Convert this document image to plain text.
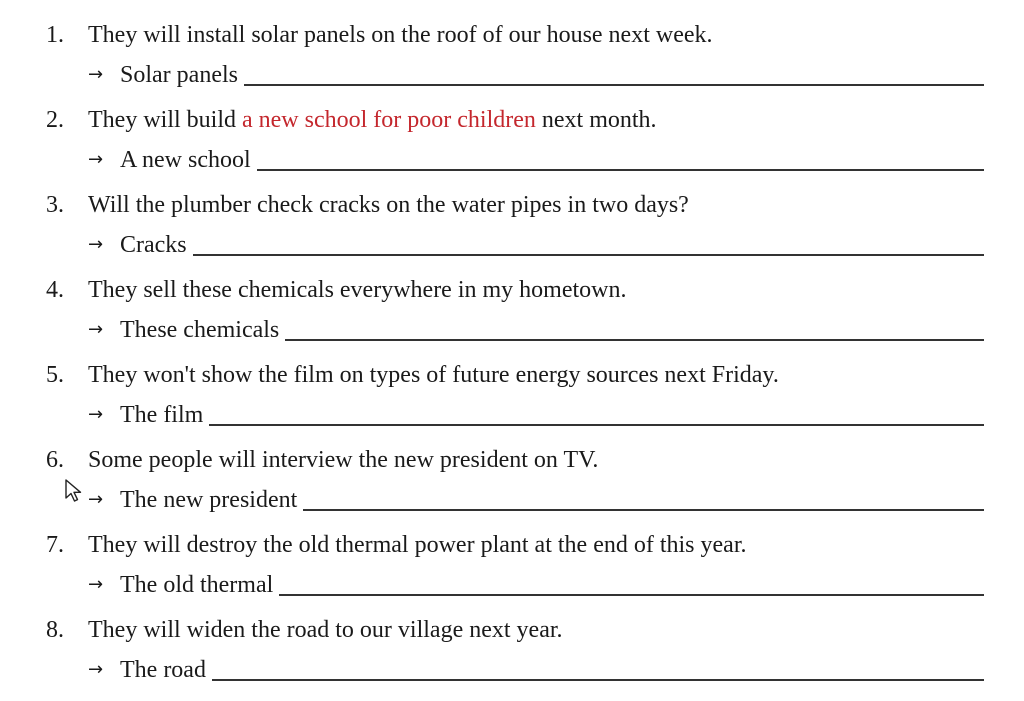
1. They will install solar panels on the roof of our house next week.
→ Solar panels
2. They will build a new school for poor children next month.
→ A new school
3. Will the plumber check cracks on the water pipes in two days?
→ Cracks
4. They sell these chemicals everywhere in my hometown.
→ These chemicals
5. They won't show the film on types of future energy sources next Friday.
→ The film
6. Some people will interview the new president on TV.
→ The new president
7. They will destroy the old thermal power plant at the end of this year.
→ The old thermal
8. They will widen the road to our village next year.
→ The road
